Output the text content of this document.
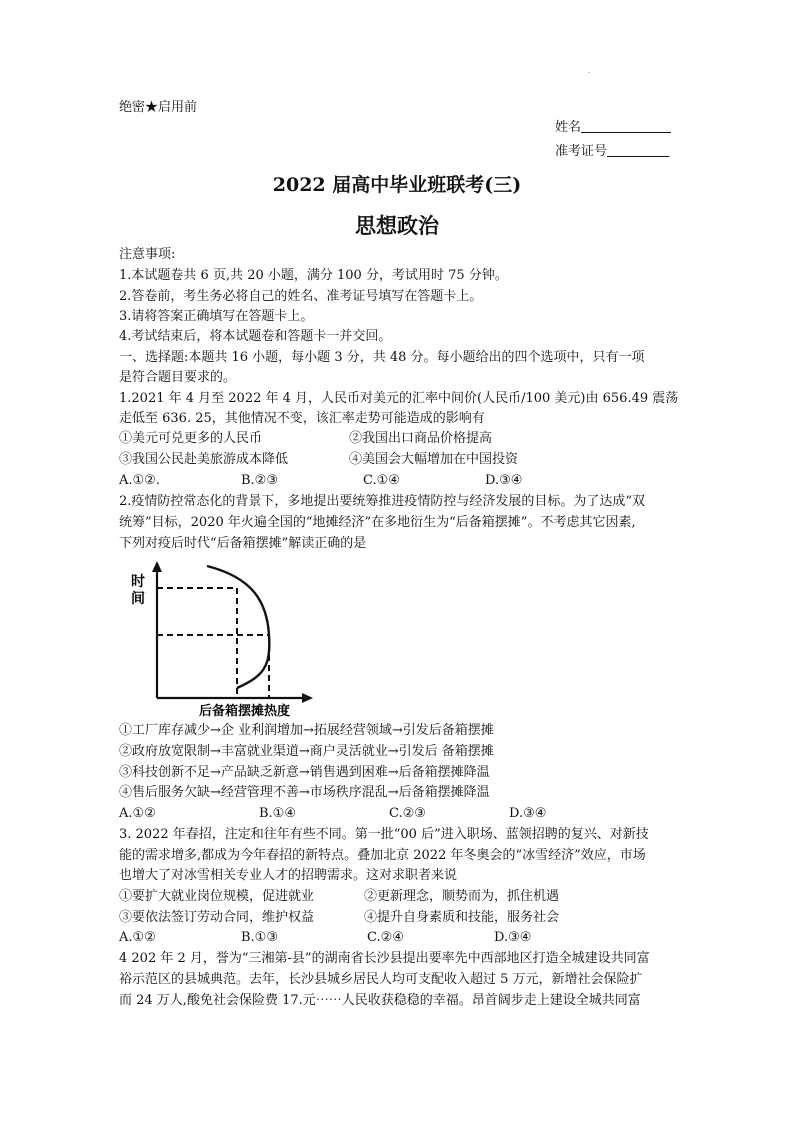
.
绝密★启用前
姓名
准考证号
2022 届高中毕业班联考(三)
思想政治
注意事项:
1.本试题卷共 6 页,共 20 小题，满分 100 分，考试用时 75 分钟。
2.答卷前，考生务必将自己的姓名、准考证号填写在答题卡上。
3.请将答案正确填写在答题卡上。
4.考试结束后，将本试题卷和答题卡一并交回。
一、选择题:本题共 16 小题，每小题 3 分，共 48 分。每小题给出的四个选项中，只有一项
是符合题目要求的。
1.2021 年 4 月至 2022 年 4 月，人民币对美元的汇率中间价(人民币/100 美元)由 656.49 震荡
走低至 636. 25，其他情况不变，该汇率走势可能造成的影响有
①美元可兑更多的人民币	②我国出口商品价格提高
③我国公民赴美旅游成本降低	④美国会大幅增加在中国投资
A.①②.	B.②③	C.①④	D.③④
2.疫情防控常态化的背景下，多地提出要统筹推进疫情防控与经济发展的目标。为了达成“双
统筹”目标，2020 年火遍全国的“地摊经济”在多地衍生为“后备箱摆摊”。不考虑其它因素,
下列对疫后时代“后备箱摆摊”解读正确的是
时
间
后备箱摆摊热度
①工厂库存减少→企 业利润增加→拓展经营领域→引发后备箱摆摊
②政府放宽限制→丰富就业渠道→商户灵活就业→引发后 备箱摆摊
③科技创新不足→产品缺乏新意→销售遇到困难→后备箱摆摊降温
④售后服务欠缺→经营管理不善→市场秩序混乱→后备箱摆摊降温
A.①②	B.①④	C.②③	D.③④
3. 2022 年春招，注定和往年有些不同。第一批“00 后”进入职场、蓝领招聘的复兴、对新技
能的需求增多,都成为今年春招的新特点。叠加北京 2022 年冬奥会的“冰雪经济”效应，市场
也增大了对冰雪相关专业人才的招聘需求。这对求职者来说
①要扩大就业岗位规模，促进就业	②更新理念，顺势而为，抓住机遇
③要依法签订劳动合同，维护权益	④提升自身素质和技能，服务社会
A.①②	B.①③	C.②④	D.③④
4 202 年 2 月，誉为“三湘第-县”的湖南省长沙县提出要率先中西部地区打造全城建设共同富
裕示范区的县城典范。去年，长沙县城乡居民人均可支配收入超过 5 万元，新增社会保险扩
而 24 万人,酸免社会保险费 17.元⋯⋯人民收获稳稳的幸福。昂首阔步走上建设全城共同富
